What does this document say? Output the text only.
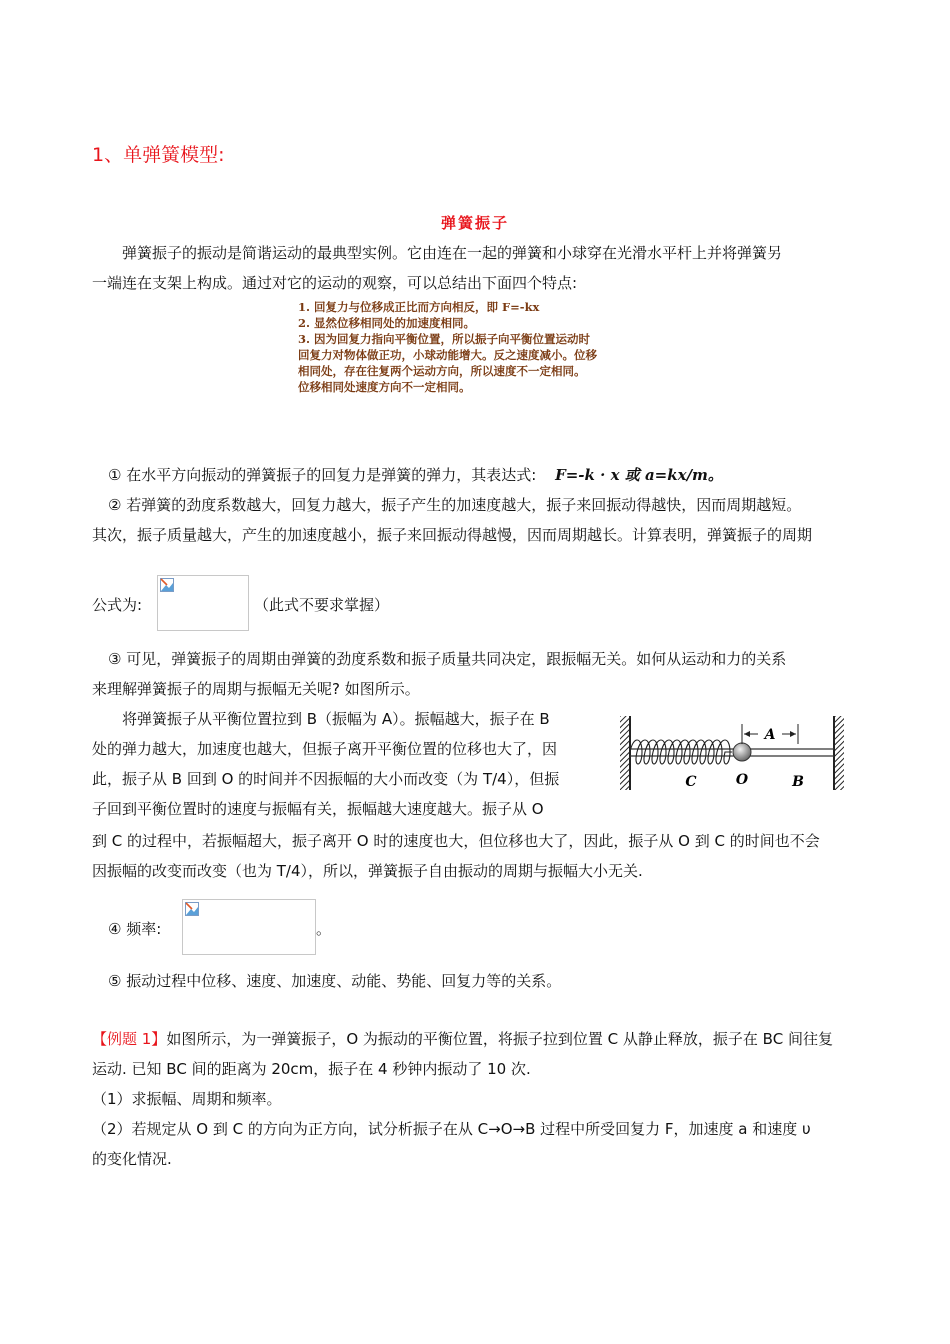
1、单弹簧模型:
弹簧振子
弹簧振子的振动是简谐运动的最典型实例。它由连在一起的弹簧和小球穿在光滑水平杆上并将弹簧另
一端连在支架上构成。通过对它的运动的观察，可以总结出下面四个特点:
1. 回复力与位移成正比而方向相反，即 F=-kx
2. 显然位移相同处的加速度相同。
3. 因为回复力指向平衡位置，所以振子向平衡位置运动时
回复力对物体做正功，小球动能增大。反之速度减小。位移
相同处，存在往复两个运动方向，所以速度不一定相同。
位移相同处速度方向不一定相同。
① 在水平方向振动的弹簧振子的回复力是弹簧的弹力，其表达式: F=-k · x 或 a=kx/m。
② 若弹簧的劲度系数越大，回复力越大，振子产生的加速度越大，振子来回振动得越快，因而周期越短。
其次，振子质量越大，产生的加速度越小，振子来回振动得越慢，因而周期越长。计算表明，弹簧振子的周期
公式为:	（此式不要求掌握）
③ 可见，弹簧振子的周期由弹簧的劲度系数和振子质量共同决定，跟振幅无关。如何从运动和力的关系
来理解弹簧振子的周期与振幅无关呢? 如图所示。
将弹簧振子从平衡位置拉到 B（振幅为 A）。振幅越大，振子在 B
处的弹力越大，加速度也越大，但振子离开平衡位置的位移也大了，因
此，振子从 B 回到 O 的时间并不因振幅的大小而改变（为 T/4），但振
子回到平衡位置时的速度与振幅有关，振幅越大速度越大。振子从 O
到 C 的过程中，若振幅超大，振子离开 O 时的速度也大，但位移也大了，因此，振子从 O 到 C 的时间也不会
因振幅的改变而改变（也为 T/4），所以，弹簧振子自由振动的周期与振幅大小无关.
A
C	O	B
④ 频率:	。
⑤ 振动过程中位移、速度、加速度、动能、势能、回复力等的关系。
【例题 1】如图所示，为一弹簧振子，O 为振动的平衡位置，将振子拉到位置 C 从静止释放，振子在 BC 间往复
运动. 已知 BC 间的距离为 20cm，振子在 4 秒钟内振动了 10 次.
（1）求振幅、周期和频率。
（2）若规定从 O 到 C 的方向为正方向，试分析振子在从 C→O→B 过程中所受回复力 F，加速度 a 和速度 υ
的变化情况.
